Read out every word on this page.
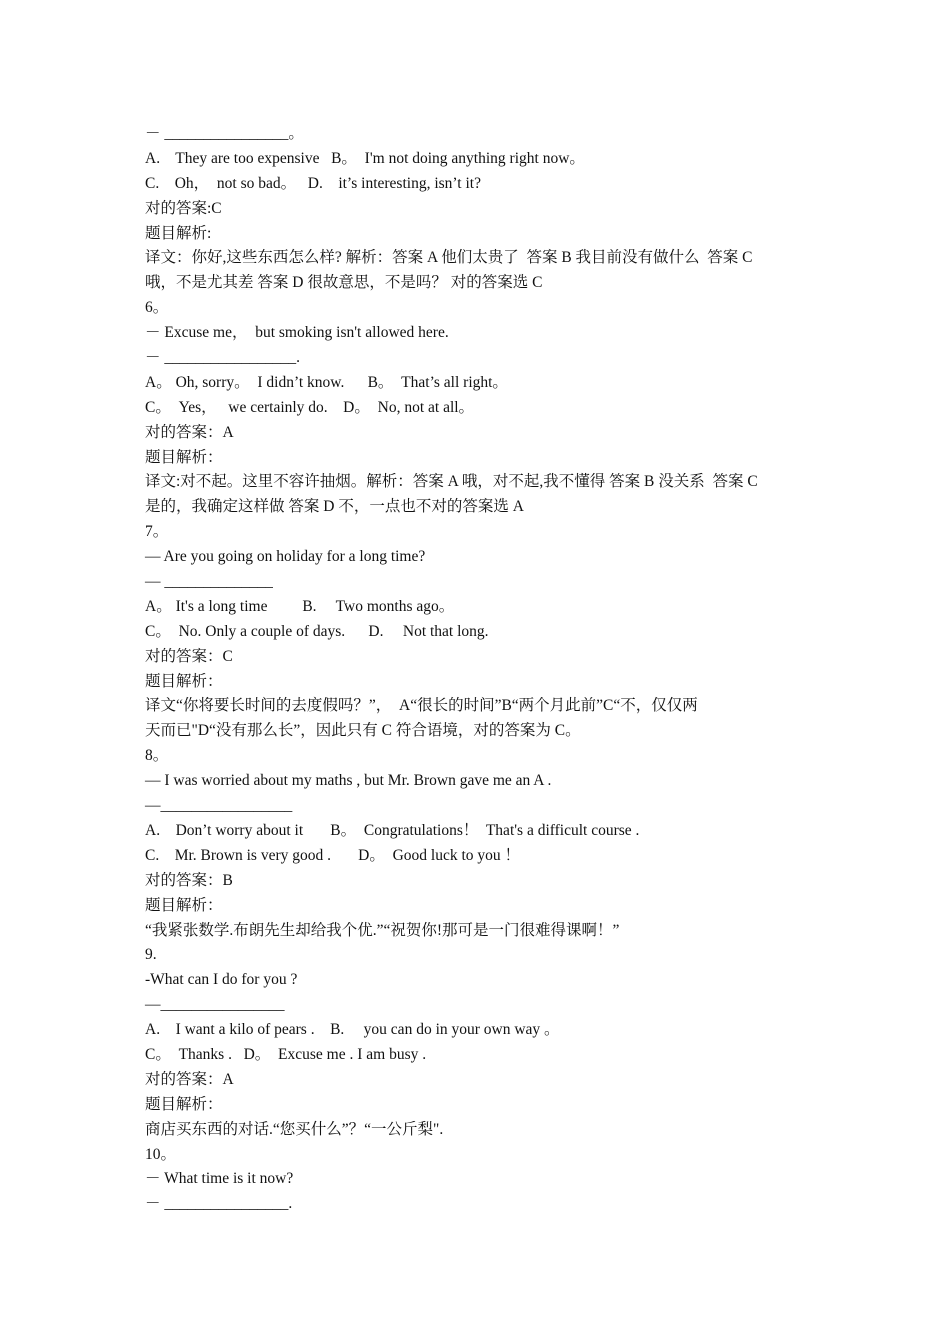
－ ________________。
A.    They are too expensive   B。  I'm not doing anything right now。
C.    Oh，  not so bad。   D.    it’s interesting, isn’t it?
对的答案:C
题目解析:
译文：你好,这些东西怎么样? 解析：答案 A 他们太贵了  答案 B 我目前没有做什么  答案 C
哦，不是尤其差 答案 D 很故意思，不是吗？ 对的答案选 C
6。
－ Excuse me，  but smoking isn't allowed here.
－ _________________.
A。 Oh, sorry。  I didn’t know.      B。  That’s all right。
C。  Yes，   we certainly do.    D。  No, not at all。
对的答案：A
题目解析：
译文:对不起。这里不容许抽烟。解析：答案 A 哦，对不起,我不懂得 答案 B 没关系  答案 C
是的，我确定这样做 答案 D 不，一点也不对的答案选 A
7。
— Are you going on holiday for a long time?
— ______________
A。 It's a long time         B.     Two months ago。
C。  No. Only a couple of days.      D.     Not that long.
对的答案：C
题目解析：
译文“你将要长时间的去度假吗？”，  A“很长的时间”B“两个月此前”C“不，仅仅两
天而已"D“没有那么长”，因此只有 C 符合语境，对的答案为 C。
8。
— I was worried about my maths , but Mr. Brown gave me an A .
—_________________
A.    Don’t worry about it       B。  Congratulations！  That's a difficult course .
C.    Mr. Brown is very good .       D。  Good luck to you ！
对的答案：B
题目解析：
“我紧张数学.布朗先生却给我个优.”“祝贺你!那可是一门很难得课啊！”
9.
-What can I do for you ?
—________________
A.    I want a kilo of pears .    B.     you can do in your own way 。
C。  Thanks .   D。  Excuse me . I am busy .
对的答案：A
题目解析：
商店买东西的对话.“您买什么”？“一公斤梨".
10。
－ What time is it now?
－ ________________.
